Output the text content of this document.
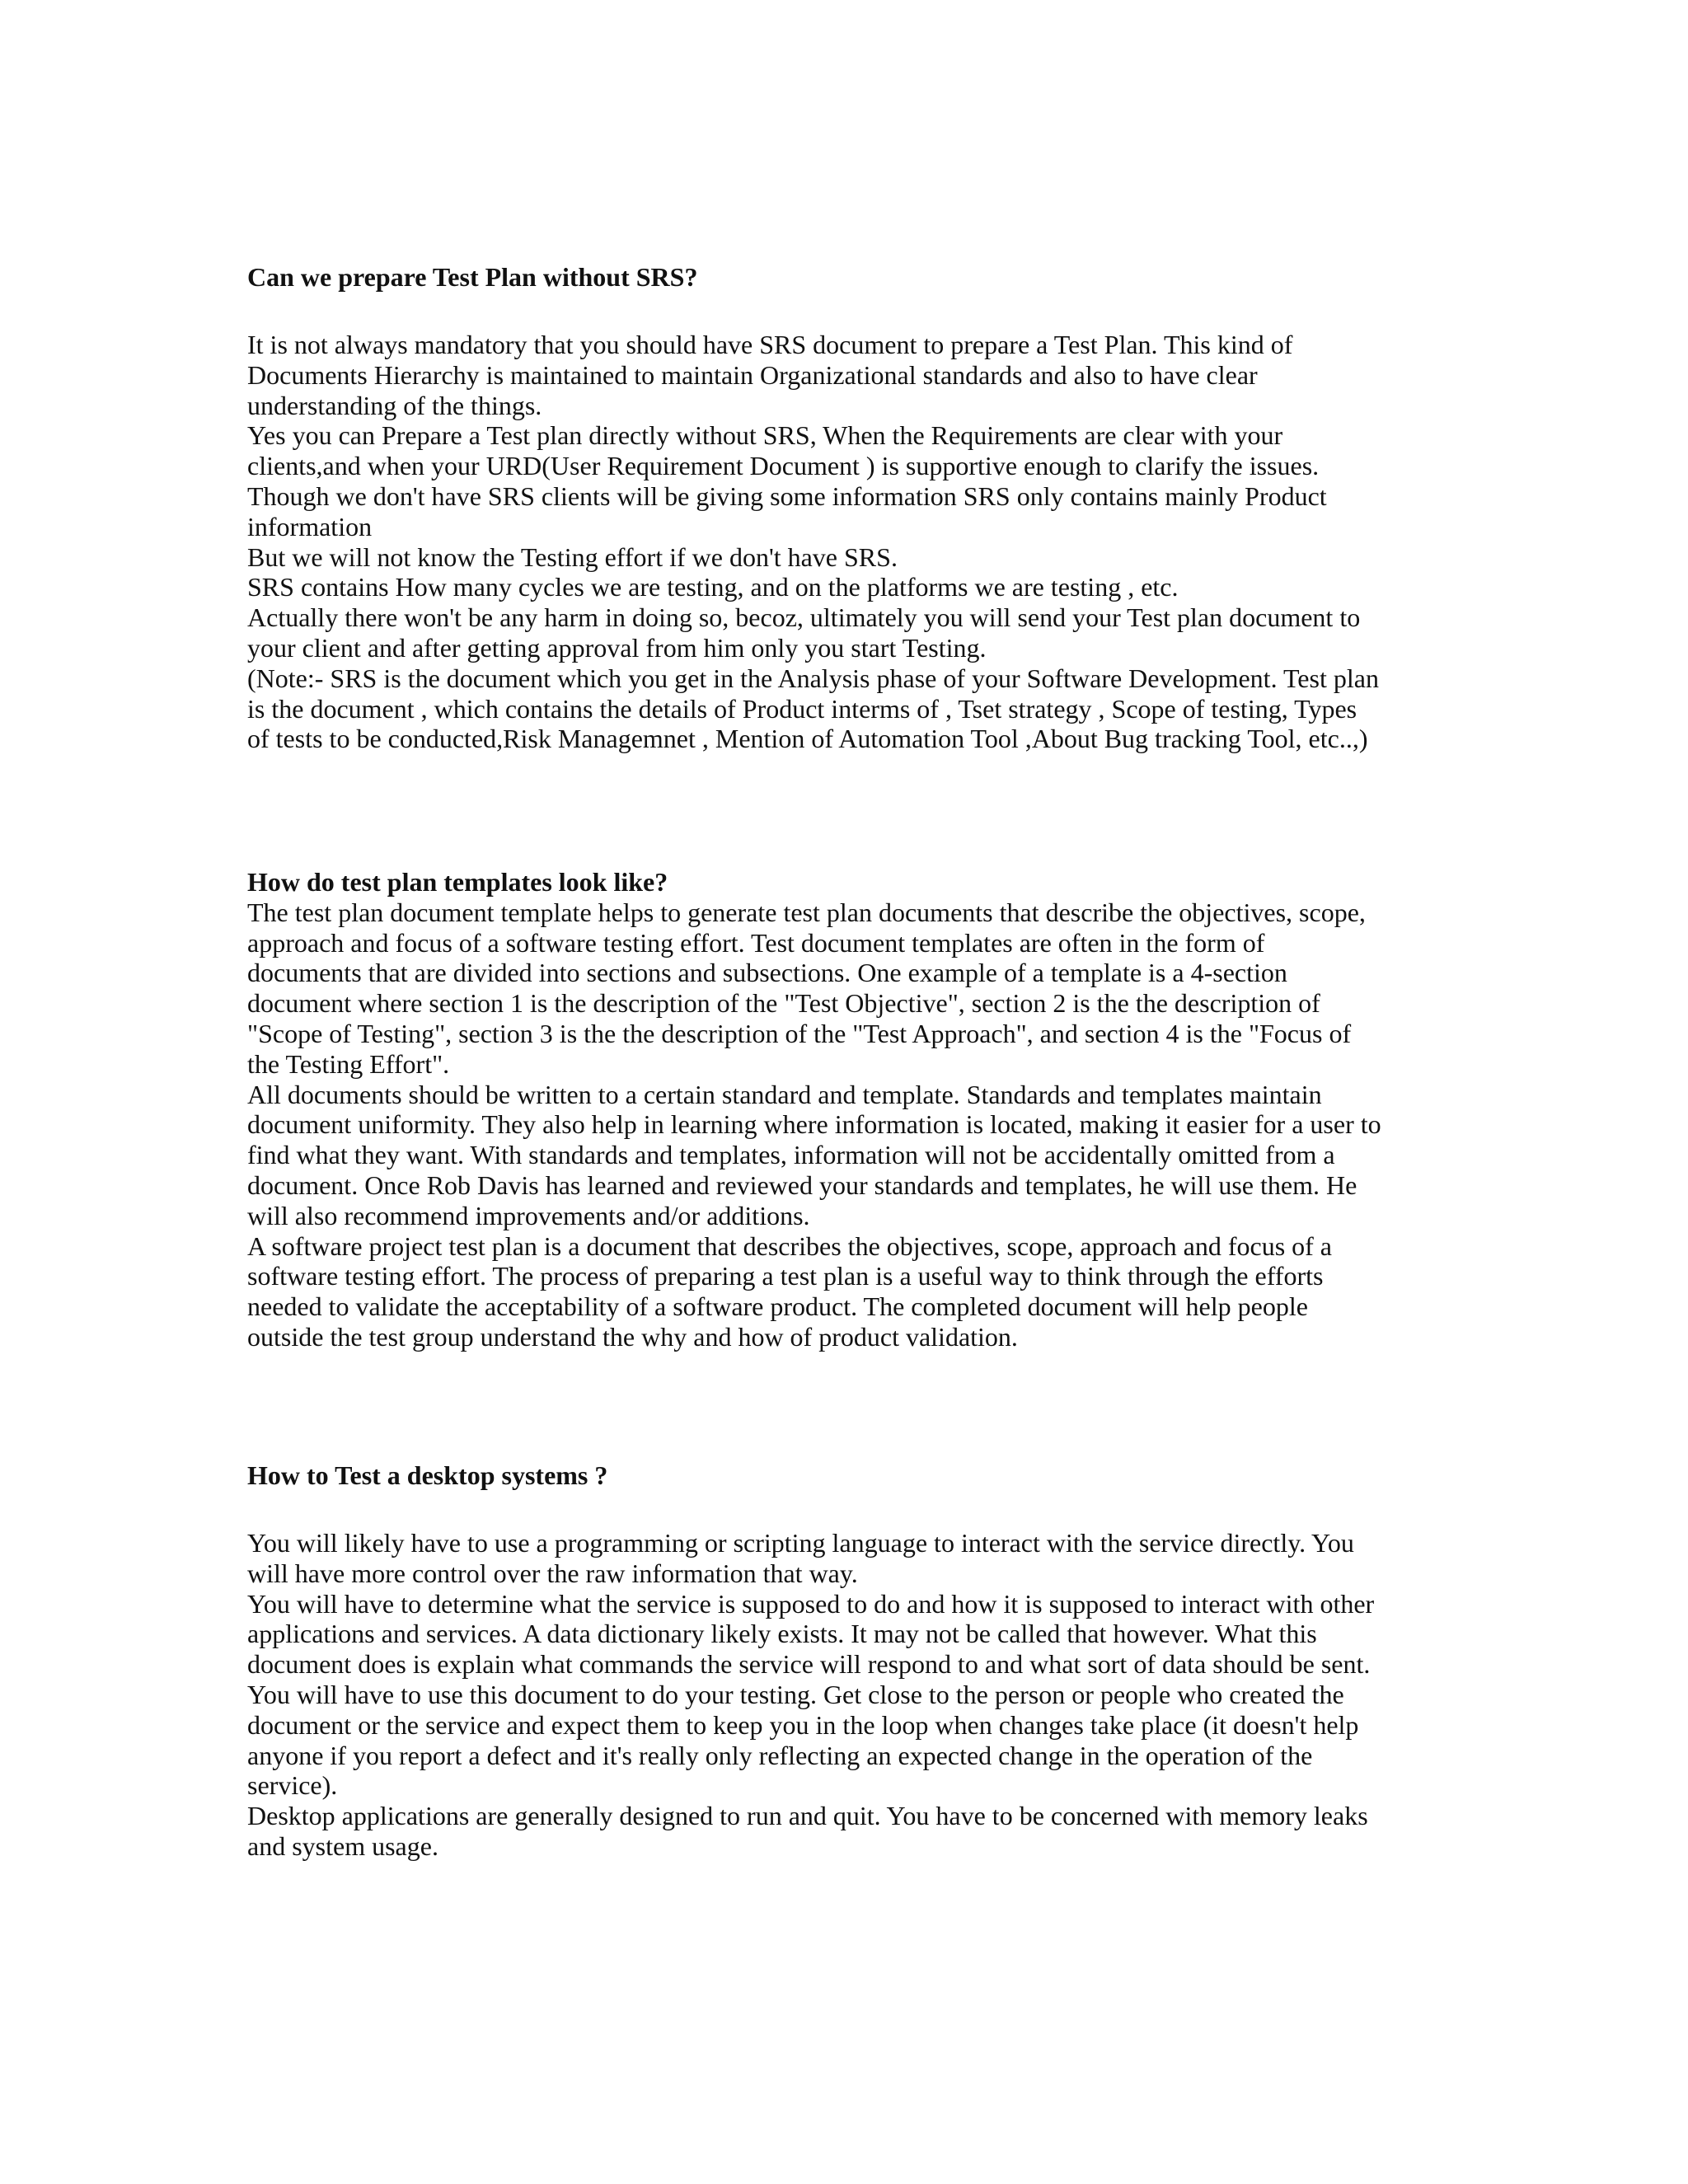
Can we prepare Test Plan without SRS?
It is not always mandatory that you should have SRS document to prepare a Test Plan. This kind of
Documents Hierarchy is maintained to maintain Organizational standards and also to have clear
understanding of the things.
Yes you can Prepare a Test plan directly without SRS, When the Requirements are clear with your
clients,and when your URD(User Requirement Document ) is supportive enough to clarify the issues.
Though we don't have SRS clients will be giving some information SRS only contains mainly Product
information
But we will not know the Testing effort if we don't have SRS.
SRS contains How many cycles we are testing, and on the platforms we are testing , etc.
Actually there won't be any harm in doing so, becoz, ultimately you will send your Test plan document to
your client and after getting approval from him only you start Testing.
(Note:- SRS is the document which you get in the Analysis phase of your Software Development. Test plan
is the document , which contains the details of Product interms of , Tset strategy , Scope of testing, Types
of tests to be conducted,Risk Managemnet , Mention of Automation Tool ,About Bug tracking Tool, etc..,)
How do test plan templates look like?
The test plan document template helps to generate test plan documents that describe the objectives, scope,
approach and focus of a software testing effort. Test document templates are often in the form of
documents that are divided into sections and subsections. One example of a template is a 4-section
document where section 1 is the description of the "Test Objective", section 2 is the the description of
"Scope of Testing", section 3 is the the description of the "Test Approach", and section 4 is the "Focus of
the Testing Effort".
All documents should be written to a certain standard and template. Standards and templates maintain
document uniformity. They also help in learning where information is located, making it easier for a user to
find what they want. With standards and templates, information will not be accidentally omitted from a
document. Once Rob Davis has learned and reviewed your standards and templates, he will use them. He
will also recommend improvements and/or additions.
A software project test plan is a document that describes the objectives, scope, approach and focus of a
software testing effort. The process of preparing a test plan is a useful way to think through the efforts
needed to validate the acceptability of a software product. The completed document will help people
outside the test group understand the why and how of product validation.
How to Test a desktop systems ?
You will likely have to use a programming or scripting language to interact with the service directly. You
will have more control over the raw information that way.
You will have to determine what the service is supposed to do and how it is supposed to interact with other
applications and services. A data dictionary likely exists. It may not be called that however. What this
document does is explain what commands the service will respond to and what sort of data should be sent.
You will have to use this document to do your testing. Get close to the person or people who created the
document or the service and expect them to keep you in the loop when changes take place (it doesn't help
anyone if you report a defect and it's really only reflecting an expected change in the operation of the
service).
Desktop applications are generally designed to run and quit. You have to be concerned with memory leaks
and system usage.
